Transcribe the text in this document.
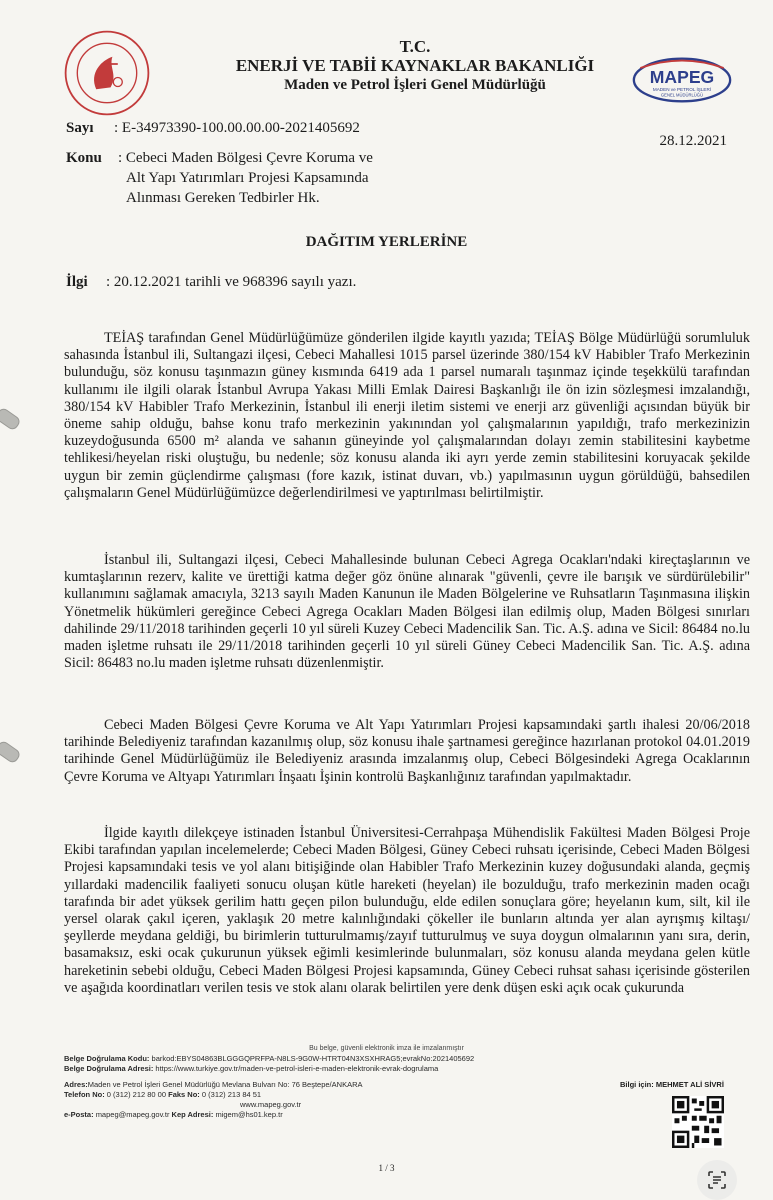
MAPEG
MADEN ve PETROL İŞLERİ
GENEL MÜDÜRLÜĞÜ
T.C.
ENERJİ VE TABİİ KAYNAKLAR BAKANLIĞI
Maden ve Petrol İşleri Genel Müdürlüğü
Sayı : E-34973390-100.00.00.00-2021405692
Konu	: Cebeci Maden Bölgesi Çevre Koruma ve
Alt Yapı Yatırımları Projesi Kapsamında
Alınması Gereken Tedbirler Hk.
28.12.2021
DAĞITIM YERLERİNE
İlgi : 20.12.2021 tarihli ve 968396 sayılı yazı.

TEİAŞ tarafından Genel Müdürlüğümüze gönderilen ilgide kayıtlı yazıda; TEİAŞ Bölge Müdürlüğü sorumluluk sahasında İstanbul ili, Sultangazi ilçesi, Cebeci Mahallesi 1015 parsel üzerinde 380/154 kV Habibler Trafo Merkezinin bulunduğu, söz konusu taşınmazın güney kısmında 6419 ada 1 parsel numaralı taşınmaz içinde teşekkülü tarafından kullanımı ile ilgili olarak İstanbul Avrupa Yakası Milli Emlak Dairesi Başkanlığı ile ön izin sözleşmesi imzalandığı, 380/154 kV Habibler Trafo Merkezinin, İstanbul ili enerji iletim sistemi ve enerji arz güvenliği açısından büyük bir öneme sahip olduğu, bahse konu trafo merkezinin yakınından yol çalışmalarının yapıldığı, trafo merkezinizin kuzeydoğusunda 6500 m² alanda ve sahanın güneyinde yol çalışmalarından dolayı zemin stabilitesini kaybetme tehlikesi/heyelan riski oluştuğu, bu nedenle; söz konusu alanda iki ayrı yerde zemin stabilitesini koruyacak şekilde uygun bir zemin güçlendirme çalışması (fore kazık, istinat duvarı, vb.) yapılmasının uygun görüldüğü, bahsedilen çalışmaların Genel Müdürlüğümüzce değerlendirilmesi ve yaptırılması belirtilmiştir.

İstanbul ili, Sultangazi ilçesi, Cebeci Mahallesinde bulunan Cebeci Agrega Ocakları'ndaki kireçtaşlarının ve kumtaşlarının rezerv, kalite ve ürettiği katma değer göz önüne alınarak "güvenli, çevre ile barışık ve sürdürülebilir" kullanımını sağlamak amacıyla, 3213 sayılı Maden Kanunun ile Maden Bölgelerine ve Ruhsatların Taşınmasına ilişkin Yönetmelik hükümleri gereğince Cebeci Agrega Ocakları Maden Bölgesi ilan edilmiş olup, Maden Bölgesi sınırları dahilinde 29/11/2018 tarihinden geçerli 10 yıl süreli Kuzey Cebeci Madencilik San. Tic. A.Ş. adına ve Sicil: 86484 no.lu maden işletme ruhsatı ile 29/11/2018 tarihinden geçerli 10 yıl süreli Güney Cebeci Madencilik San. Tic. A.Ş. adına Sicil: 86483 no.lu maden işletme ruhsatı düzenlenmiştir.

Cebeci Maden Bölgesi Çevre Koruma ve Alt Yapı Yatırımları Projesi kapsamındaki şartlı ihalesi 20/06/2018 tarihinde Belediyeniz tarafından kazanılmış olup, söz konusu ihale şartnamesi gereğince hazırlanan protokol 04.01.2019 tarihinde Genel Müdürlüğümüz ile Belediyeniz arasında imzalanmış olup, Cebeci Bölgesindeki Agrega Ocaklarının Çevre Koruma ve Altyapı Yatırımları İnşaatı İşinin kontrolü Başkanlığınız tarafından yapılmaktadır.

İlgide kayıtlı dilekçeye istinaden İstanbul Üniversitesi-Cerrahpaşa Mühendislik Fakültesi Maden Bölgesi Proje Ekibi tarafından yapılan incelemelerde; Cebeci Maden Bölgesi, Güney Cebeci ruhsatı içerisinde, Cebeci Maden Bölgesi Projesi kapsamındaki tesis ve yol alanı bitişiğinde olan Habibler Trafo Merkezinin kuzey doğusundaki alanda, geçmiş yıllardaki madencilik faaliyeti sonucu oluşan kütle hareketi (heyelan) ile bozulduğu, trafo merkezinin maden ocağı tarafında bir adet yüksek gerilim hattı geçen pilon bulunduğu, elde edilen sonuçlara göre; heyelanın kum, silt, kil ile yersel olarak çakıl içeren, yaklaşık 20 metre kalınlığındaki çökeller ile bunların altında yer alan ayrışmış kiltaşı/şeyllerde meydana geldiği, bu birimlerin tutturulmamış/zayıf tutturulmuş ve suya doygun olmalarının yanı sıra, derin, basamaksız, eski ocak çukurunun yüksek eğimli kesimlerinde bulunmaları, söz konusu alanda meydana gelen kütle hareketinin sebebi olduğu, Cebeci Maden Bölgesi Projesi kapsamında, Güney Cebeci ruhsat sahası içerisinde gösterilen ve aşağıda koordinatları verilen tesis ve stok alanı olarak belirtilen yere denk düşen eski açık ocak çukurunda

Bu belge, güvenli elektronik imza ile imzalanmıştır
Belge Doğrulama Kodu: barkod:EBYS04863BLGGGQPRFPA-N8LS-9G0W-HTRT04N3XSXHRAG5;evrakNo:2021405692
Belge Doğrulama Adresi: https://www.turkiye.gov.tr/maden-ve-petrol-isleri-e-maden-elektronik-evrak-dogrulama
Adres:Maden ve Petrol İşleri Genel Müdürlüğü Mevlana Bulvarı No: 76 Beştepe/ANKARA
Telefon No: 0 (312) 212 80 00 Faks No: 0 (312) 213 84 51
www.mapeg.gov.tr
e-Posta: mapeg@mapeg.gov.tr Kep Adresi: migem@hs01.kep.tr
Bilgi için: MEHMET ALİ SİVRİ
1 / 3
